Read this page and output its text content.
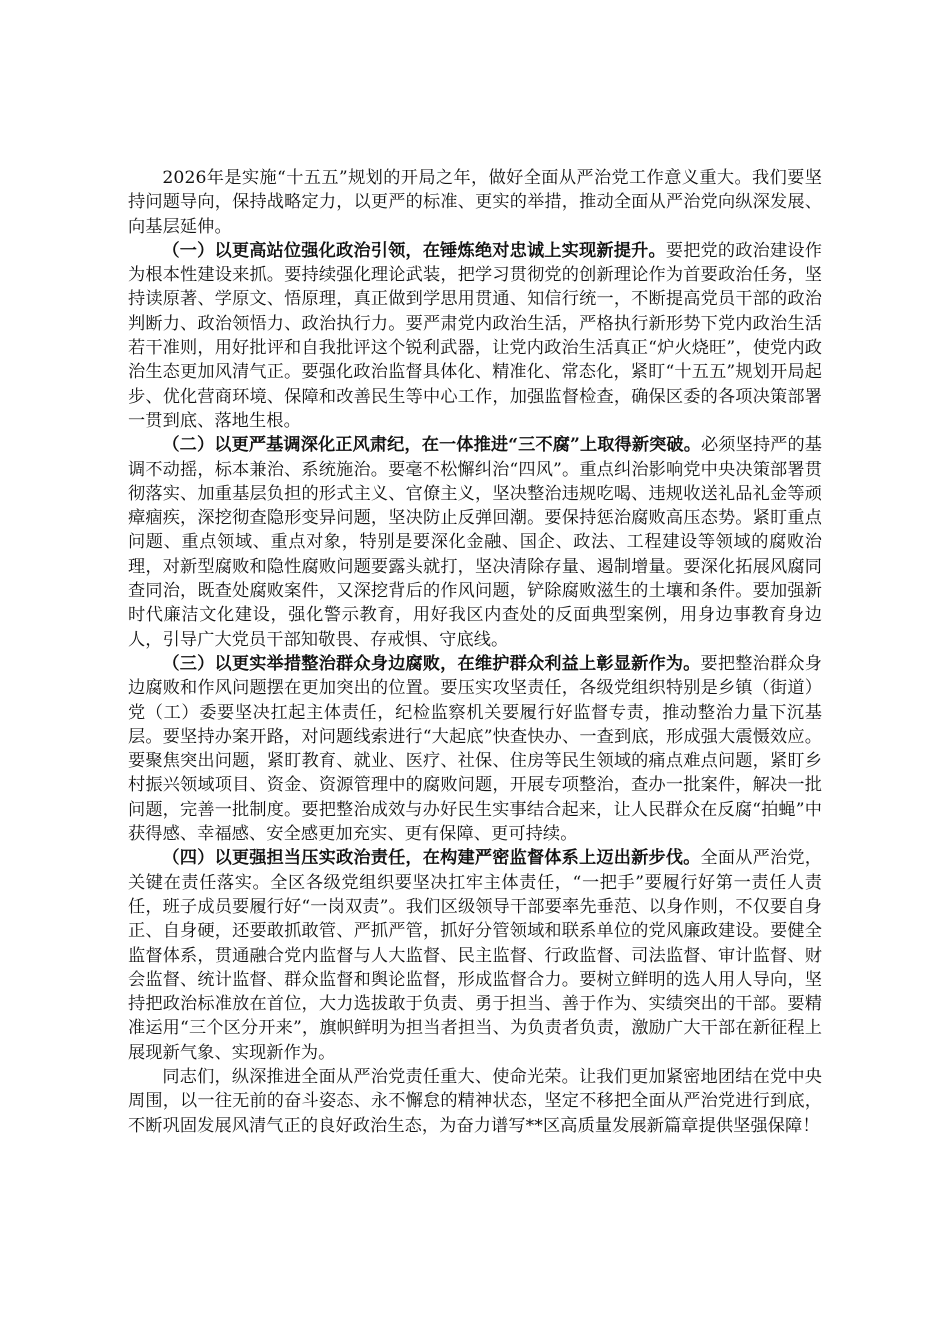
2026年是实施“十五五”规划的开局之年，做好全面从严治党工作意义重大。我们要坚持问题导向，保持战略定力，以更严的标准、更实的举措，推动全面从严治党向纵深发展、向基层延伸。

（一）以更高站位强化政治引领，在锤炼绝对忠诚上实现新提升。要把党的政治建设作为根本性建设来抓。要持续强化理论武装，把学习贯彻党的创新理论作为首要政治任务，坚持读原著、学原文、悟原理，真正做到学思用贯通、知信行统一，不断提高党员干部的政治判断力、政治领悟力、政治执行力。要严肃党内政治生活，严格执行新形势下党内政治生活若干准则，用好批评和自我批评这个锐利武器，让党内政治生活真正“炉火烧旺”，使党内政治生态更加风清气正。要强化政治监督具体化、精准化、常态化，紧盯“十五五”规划开局起步、优化营商环境、保障和改善民生等中心工作，加强监督检查，确保区委的各项决策部署一贯到底、落地生根。

（二）以更严基调深化正风肃纪，在一体推进“三不腐”上取得新突破。必须坚持严的基调不动摇，标本兼治、系统施治。要毫不松懈纠治“四风”。重点纠治影响党中央决策部署贯彻落实、加重基层负担的形式主义、官僚主义，坚决整治违规吃喝、违规收送礼品礼金等顽瘴痼疾，深挖彻查隐形变异问题，坚决防止反弹回潮。要保持惩治腐败高压态势。紧盯重点问题、重点领域、重点对象，特别是要深化金融、国企、政法、工程建设等领域的腐败治理，对新型腐败和隐性腐败问题要露头就打，坚决清除存量、遏制增量。要深化拓展风腐同查同治，既查处腐败案件，又深挖背后的作风问题，铲除腐败滋生的土壤和条件。要加强新时代廉洁文化建设，强化警示教育，用好我区内查处的反面典型案例，用身边事教育身边人，引导广大党员干部知敬畏、存戒惧、守底线。

（三）以更实举措整治群众身边腐败，在维护群众利益上彰显新作为。要把整治群众身边腐败和作风问题摆在更加突出的位置。要压实攻坚责任，各级党组织特别是乡镇（街道）党（工）委要坚决扛起主体责任，纪检监察机关要履行好监督专责，推动整治力量下沉基层。要坚持办案开路，对问题线索进行“大起底”快查快办、一查到底，形成强大震慑效应。要聚焦突出问题，紧盯教育、就业、医疗、社保、住房等民生领域的痛点难点问题，紧盯乡村振兴领域项目、资金、资源管理中的腐败问题，开展专项整治，查办一批案件，解决一批问题，完善一批制度。要把整治成效与办好民生实事结合起来，让人民群众在反腐“拍蝇”中获得感、幸福感、安全感更加充实、更有保障、更可持续。

（四）以更强担当压实政治责任，在构建严密监督体系上迈出新步伐。全面从严治党，关键在责任落实。全区各级党组织要坚决扛牢主体责任，“一把手”要履行好第一责任人责任，班子成员要履行好“一岗双责”。我们区级领导干部要率先垂范、以身作则，不仅要自身正、自身硬，还要敢抓敢管、严抓严管，抓好分管领域和联系单位的党风廉政建设。要健全监督体系，贯通融合党内监督与人大监督、民主监督、行政监督、司法监督、审计监督、财会监督、统计监督、群众监督和舆论监督，形成监督合力。要树立鲜明的选人用人导向，坚持把政治标准放在首位，大力选拔敢于负责、勇于担当、善于作为、实绩突出的干部。要精准运用“三个区分开来”，旗帜鲜明为担当者担当、为负责者负责，激励广大干部在新征程上展现新气象、实现新作为。

同志们，纵深推进全面从严治党责任重大、使命光荣。让我们更加紧密地团结在党中央周围，以一往无前的奋斗姿态、永不懈怠的精神状态，坚定不移把全面从严治党进行到底，不断巩固发展风清气正的良好政治生态，为奋力谱写**区高质量发展新篇章提供坚强保障！
